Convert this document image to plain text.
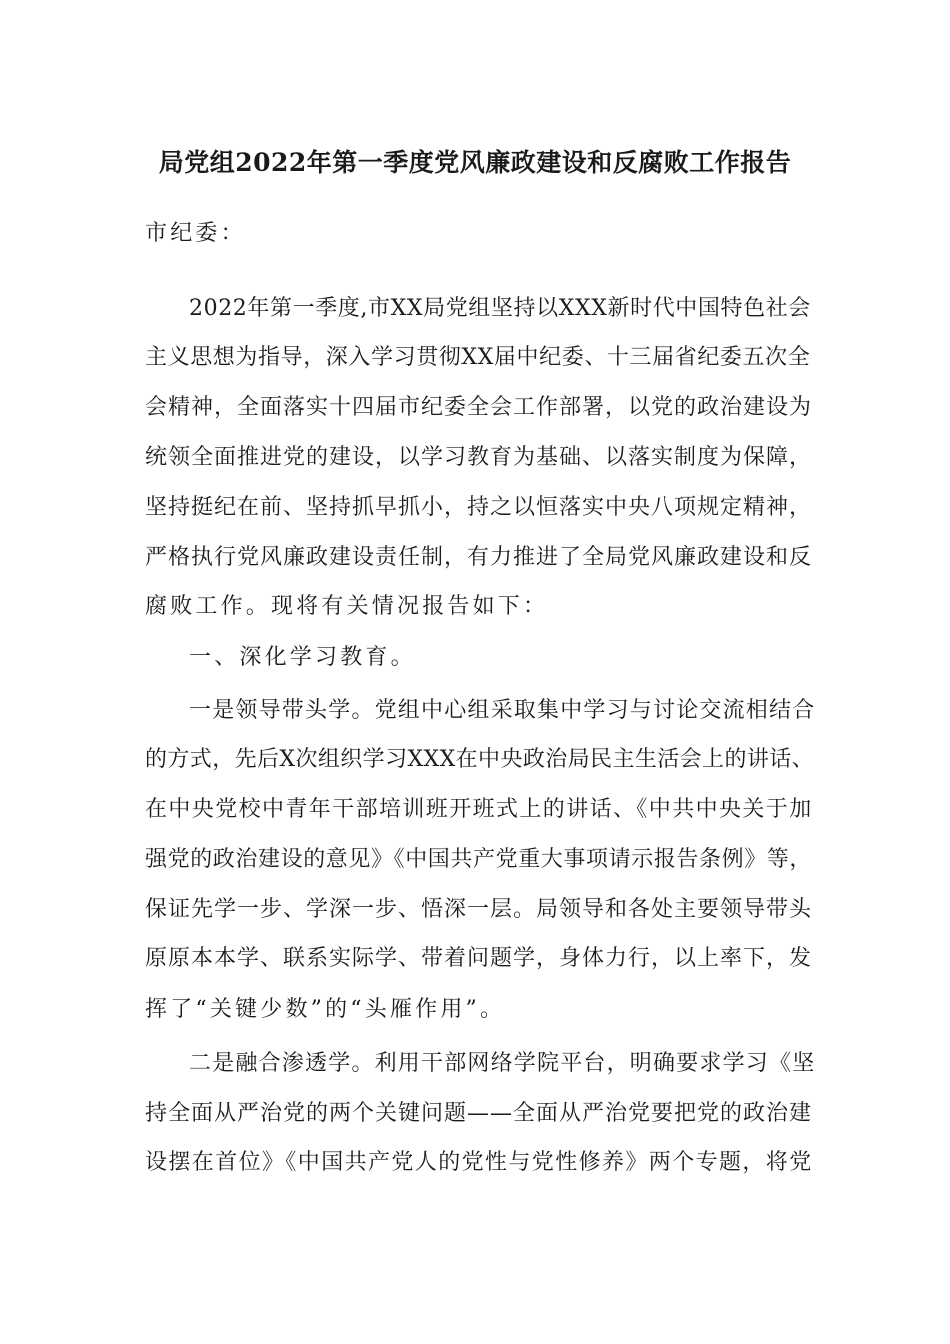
局党组2022年第一季度党风廉政建设和反腐败工作报告
市纪委：
2022年第一季度,市XX局党组坚持以XXX新时代中国特色社会
主义思想为指导，深入学习贯彻XX届中纪委、十三届省纪委五次全
会精神，全面落实十四届市纪委全会工作部署，以党的政治建设为
统领全面推进党的建设，以学习教育为基础、以落实制度为保障，
坚持挺纪在前、坚持抓早抓小，持之以恒落实中央八项规定精神，
严格执行党风廉政建设责任制，有力推进了全局党风廉政建设和反
腐败工作。现将有关情况报告如下：
一、深化学习教育。
一是领导带头学。党组中心组采取集中学习与讨论交流相结合
的方式，先后X次组织学习XXX在中央政治局民主生活会上的讲话、
在中央党校中青年干部培训班开班式上的讲话、《中共中央关于加
强党的政治建设的意见》《中国共产党重大事项请示报告条例》等，
保证先学一步、学深一步、悟深一层。局领导和各处主要领导带头
原原本本学、联系实际学、带着问题学，身体力行，以上率下，发
挥了“关键少数”的“头雁作用”。
二是融合渗透学。利用干部网络学院平台，明确要求学习《坚
持全面从严治党的两个关键问题——全面从严治党要把党的政治建
设摆在首位》《中国共产党人的党性与党性修养》两个专题，将党
